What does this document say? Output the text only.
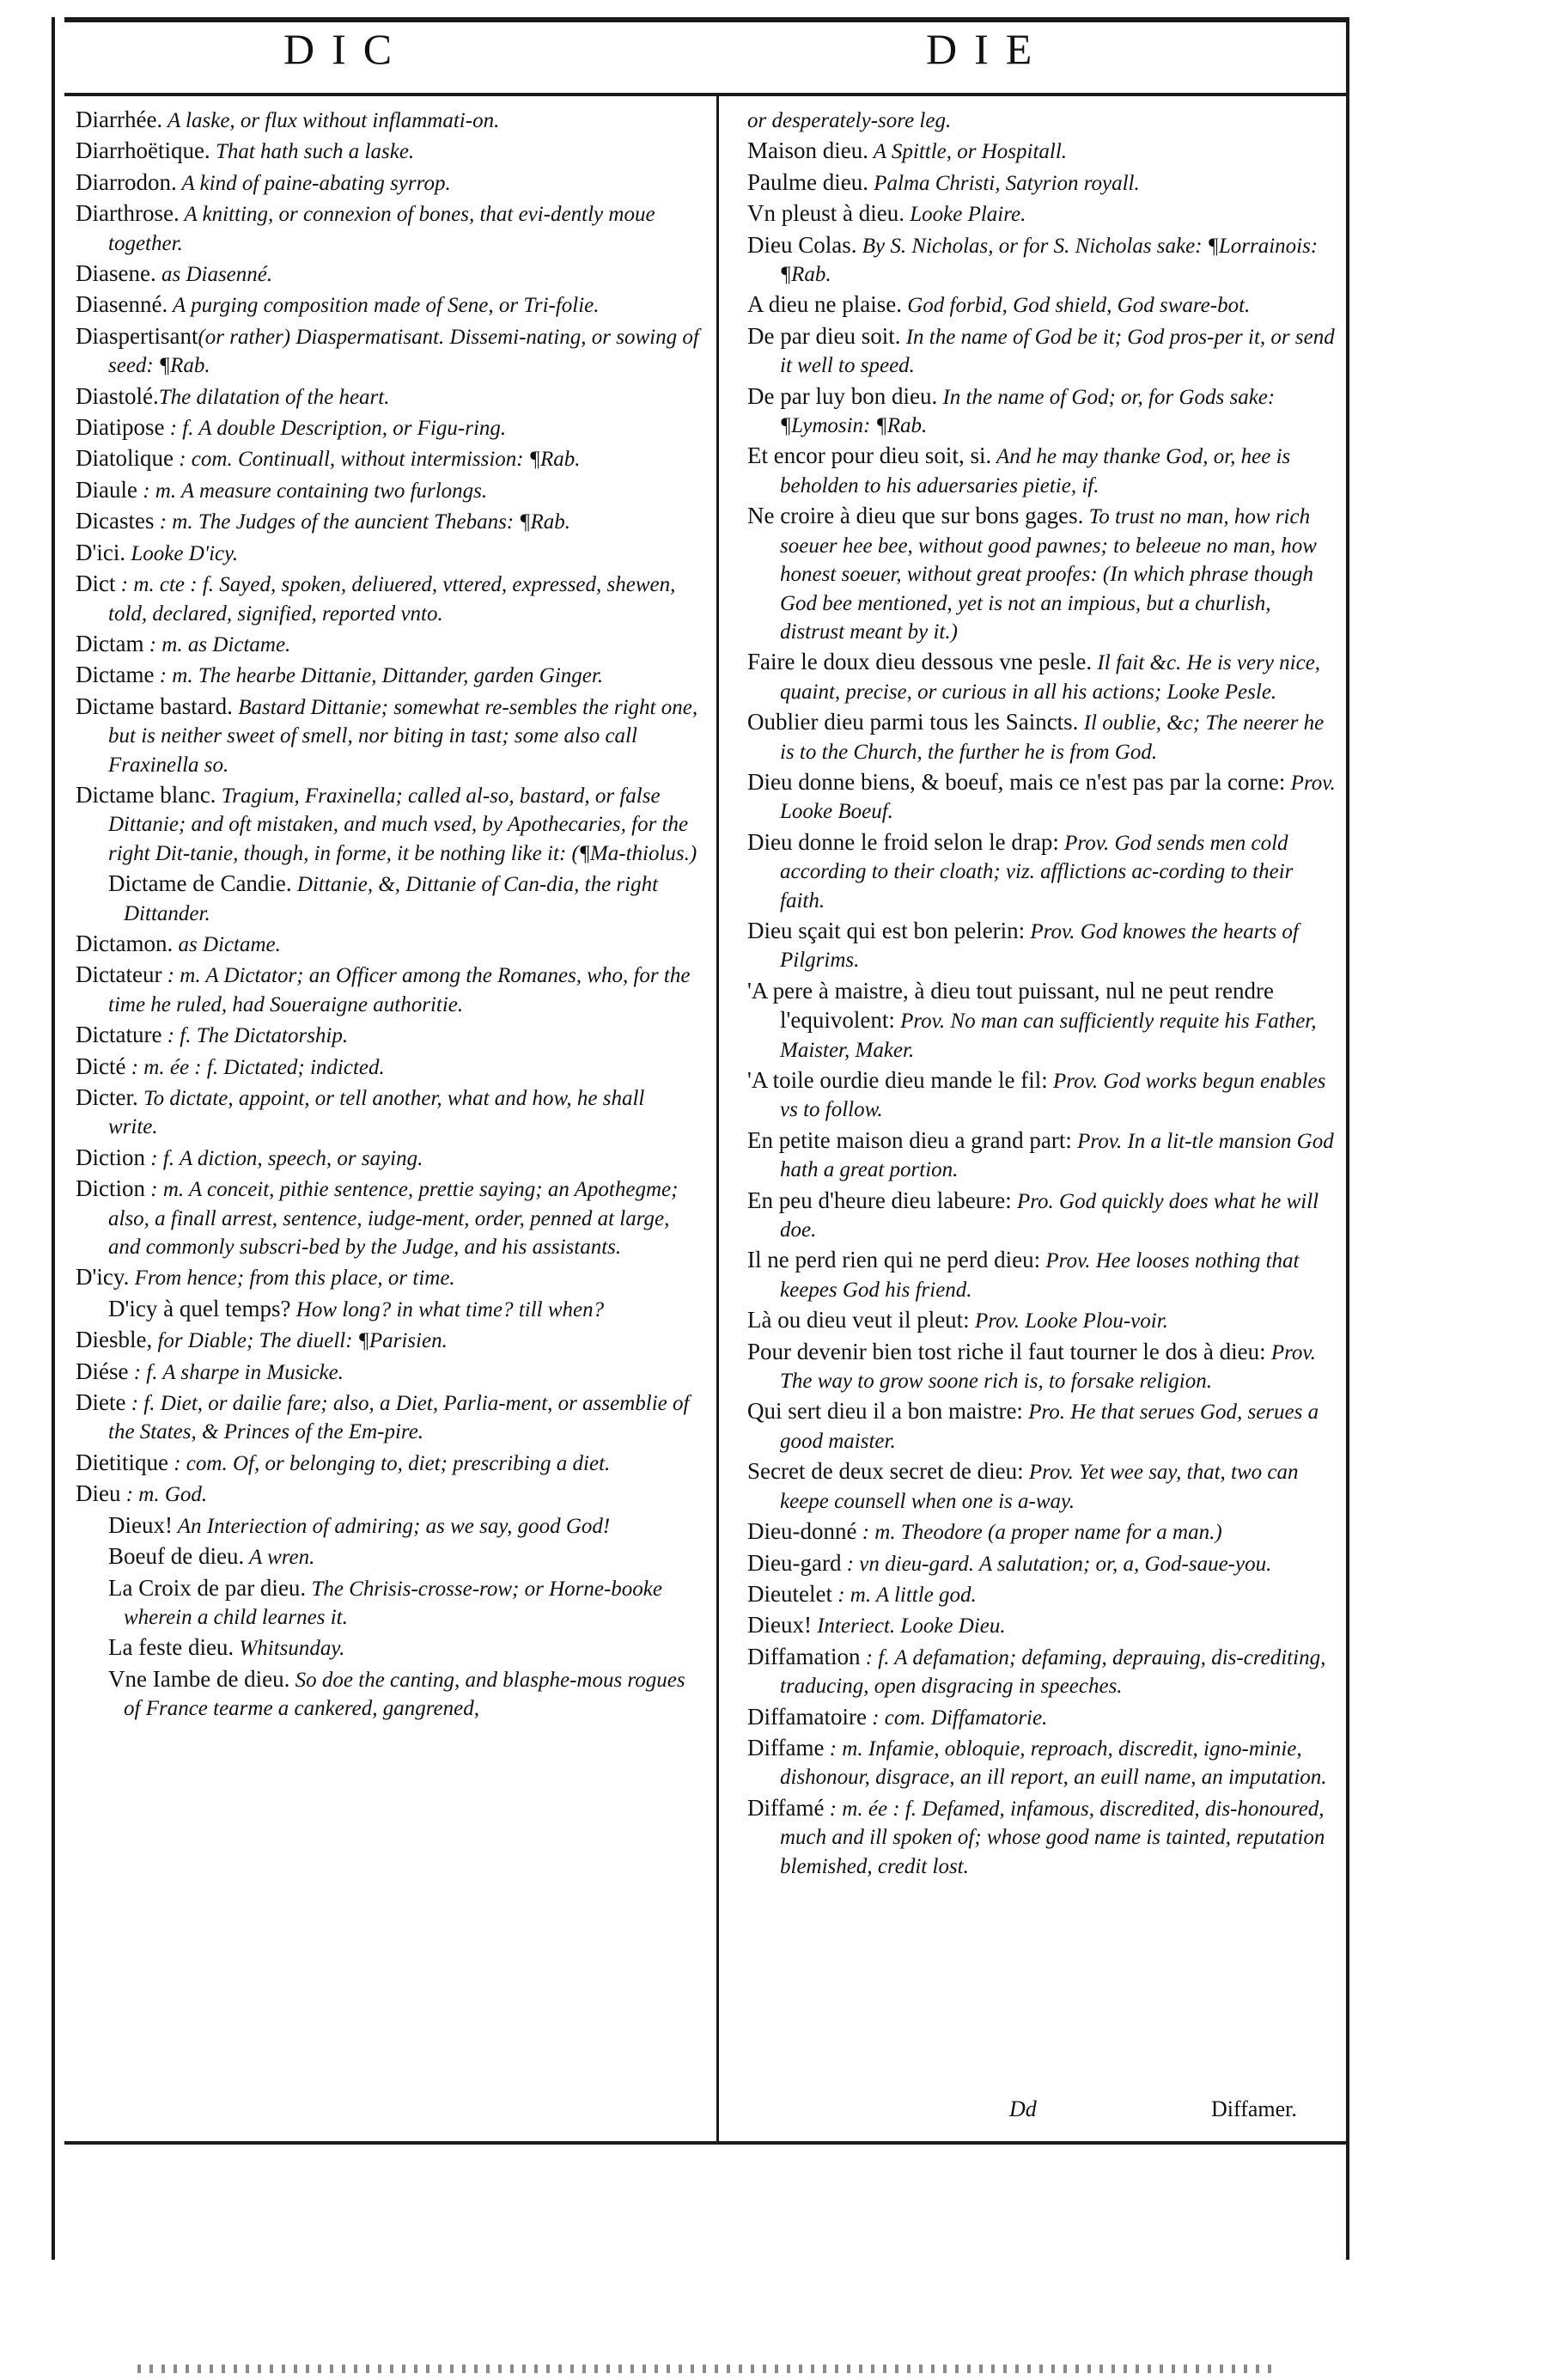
DIC	DIE
Diarrhée. A laske, or flux without inflammati-on.
Diarrhoëtique. That hath such a laske.
Diarrodon. A kind of paine-abating syrrop.
Diarthrose. A knitting, or connexion of bones, that evi-dently moue together.
Diasene. as Diasenné.
Diasenné. A purging composition made of Sene, or Tri-folie.
Diaspertisant(or rather) Diaspermatisant. Dissemi-nating, or sowing of seed: ¶Rab.
Diastolé.The dilatation of the heart.
Diatipose : f. A double Description, or Figu-ring.
Diatolique : com. Continuall, without intermission: ¶Rab.
Diaule : m. A measure containing two furlongs.
Dicastes : m. The Judges of the auncient Thebans: ¶Rab.
D'ici. Looke D'icy.
Dict : m. cte : f. Sayed, spoken, deliuered, vttered, expressed, shewen, told, declared, signified, reported vnto.
Dictam : m. as Dictame.
Dictame : m. The hearbe Dittanie, Dittander, garden Ginger.
Dictame bastard. Bastard Dittanie; somewhat re-sembles the right one, but is neither sweet of smell, nor biting in tast; some also call Fraxinella so.
Dictame blanc. Tragium, Fraxinella; called al-so, bastard, or false Dittanie; and oft mistaken, and much vsed, by Apothecaries, for the right Dit-tanie, though, in forme, it be nothing like it: (¶Ma-thiolus.)
Dictame de Candie. Dittanie, &, Dittanie of Can-dia, the right Dittander.
Dictamon. as Dictame.
Dictateur : m. A Dictator; an Officer among the Romanes, who, for the time he ruled, had Soueraigne authoritie.
Dictature : f. The Dictatorship.
Dicté : m. ée : f. Dictated; indicted.
Dicter. To dictate, appoint, or tell another, what and how, he shall write.
Diction : f. A diction, speech, or saying.
Diction : m. A conceit, pithie sentence, prettie saying; an Apothegme; also, a finall arrest, sentence, iudge-ment, order, penned at large, and commonly subscri-bed by the Judge, and his assistants.
D'icy. From hence; from this place, or time.
D'icy à quel temps? How long? in what time? till when?
Diesble, for Diable; The diuell: ¶Parisien.
Diése : f. A sharpe in Musicke.
Diete : f. Diet, or dailie fare; also, a Diet, Parlia-ment, or assemblie of the States, & Princes of the Em-pire.
Dietitique : com. Of, or belonging to, diet; prescribing a diet.
Dieu : m. God.
Dieux! An Interiection of admiring; as we say, good God!
Boeuf de dieu. A wren.
La Croix de par dieu. The Chrisis-crosse-row; or Horne-booke wherein a child learnes it.
La feste dieu. Whitsunday.
Vne Iambe de dieu. So doe the canting, and blasphe-mous rogues of France tearme a cankered, gangrened,
or desperately-sore leg.
Maison dieu. A Spittle, or Hospitall.
Paulme dieu. Palma Christi, Satyrion royall.
Vn pleust à dieu. Looke Plaire.
Dieu Colas. By S. Nicholas, or for S. Nicholas sake: ¶Lorrainois: ¶Rab.
A dieu ne plaise. God forbid, God shield, God sware-bot.
De par dieu soit. In the name of God be it; God pros-per it, or send it well to speed.
De par luy bon dieu. In the name of God; or, for Gods sake: ¶Lymosin: ¶Rab.
Et encor pour dieu soit, si. And he may thanke God, or, hee is beholden to his aduersaries pietie, if.
Ne croire à dieu que sur bons gages. To trust no man, how rich soeuer hee bee, without good pawnes; to beleeue no man, how honest soeuer, without great proofes: (In which phrase though God bee mentioned, yet is not an impious, but a churlish, distrust meant by it.)
Faire le doux dieu dessous vne pesle. Il fait &c. He is very nice, quaint, precise, or curious in all his actions; Looke Pesle.
Oublier dieu parmi tous les Saincts. Il oublie, &c; The neerer he is to the Church, the further he is from God.
Dieu donne biens, & boeuf, mais ce n'est pas par la corne: Prov. Looke Boeuf.
Dieu donne le froid selon le drap: Prov. God sends men cold according to their cloath; viz. afflictions ac-cording to their faith.
Dieu sçait qui est bon pelerin: Prov. God knowes the hearts of Pilgrims.
'A pere à maistre, à dieu tout puissant, nul ne peut rendre l'equivolent: Prov. No man can sufficiently requite his Father, Maister, Maker.
'A toile ourdie dieu mande le fil: Prov. God works begun enables vs to follow.
En petite maison dieu a grand part: Prov. In a lit-tle mansion God hath a great portion.
En peu d'heure dieu labeure: Pro. God quickly does what he will doe.
Il ne perd rien qui ne perd dieu: Prov. Hee looses nothing that keepes God his friend.
Là ou dieu veut il pleut: Prov. Looke Plou-voir.
Pour devenir bien tost riche il faut tourner le dos à dieu: Prov. The way to grow soone rich is, to forsake religion.
Qui sert dieu il a bon maistre: Pro. He that serues God, serues a good maister.
Secret de deux secret de dieu: Prov. Yet wee say, that, two can keepe counsell when one is a-way.
Dieu-donné : m. Theodore (a proper name for a man.)
Dieu-gard : vn dieu-gard. A salutation; or, a, God-saue-you.
Dieutelet : m. A little god.
Dieux! Interiect. Looke Dieu.
Diffamation : f. A defamation; defaming, deprauing, dis-crediting, traducing, open disgracing in speeches.
Diffamatoire : com. Diffamatorie.
Diffame : m. Infamie, obloquie, reproach, discredit, igno-minie, dishonour, disgrace, an ill report, an euill name, an imputation.
Diffamé : m. ée : f. Defamed, infamous, discredited, dis-honoured, much and ill spoken of; whose good name is tainted, reputation blemished, credit lost.
Dd	Diffamer.
